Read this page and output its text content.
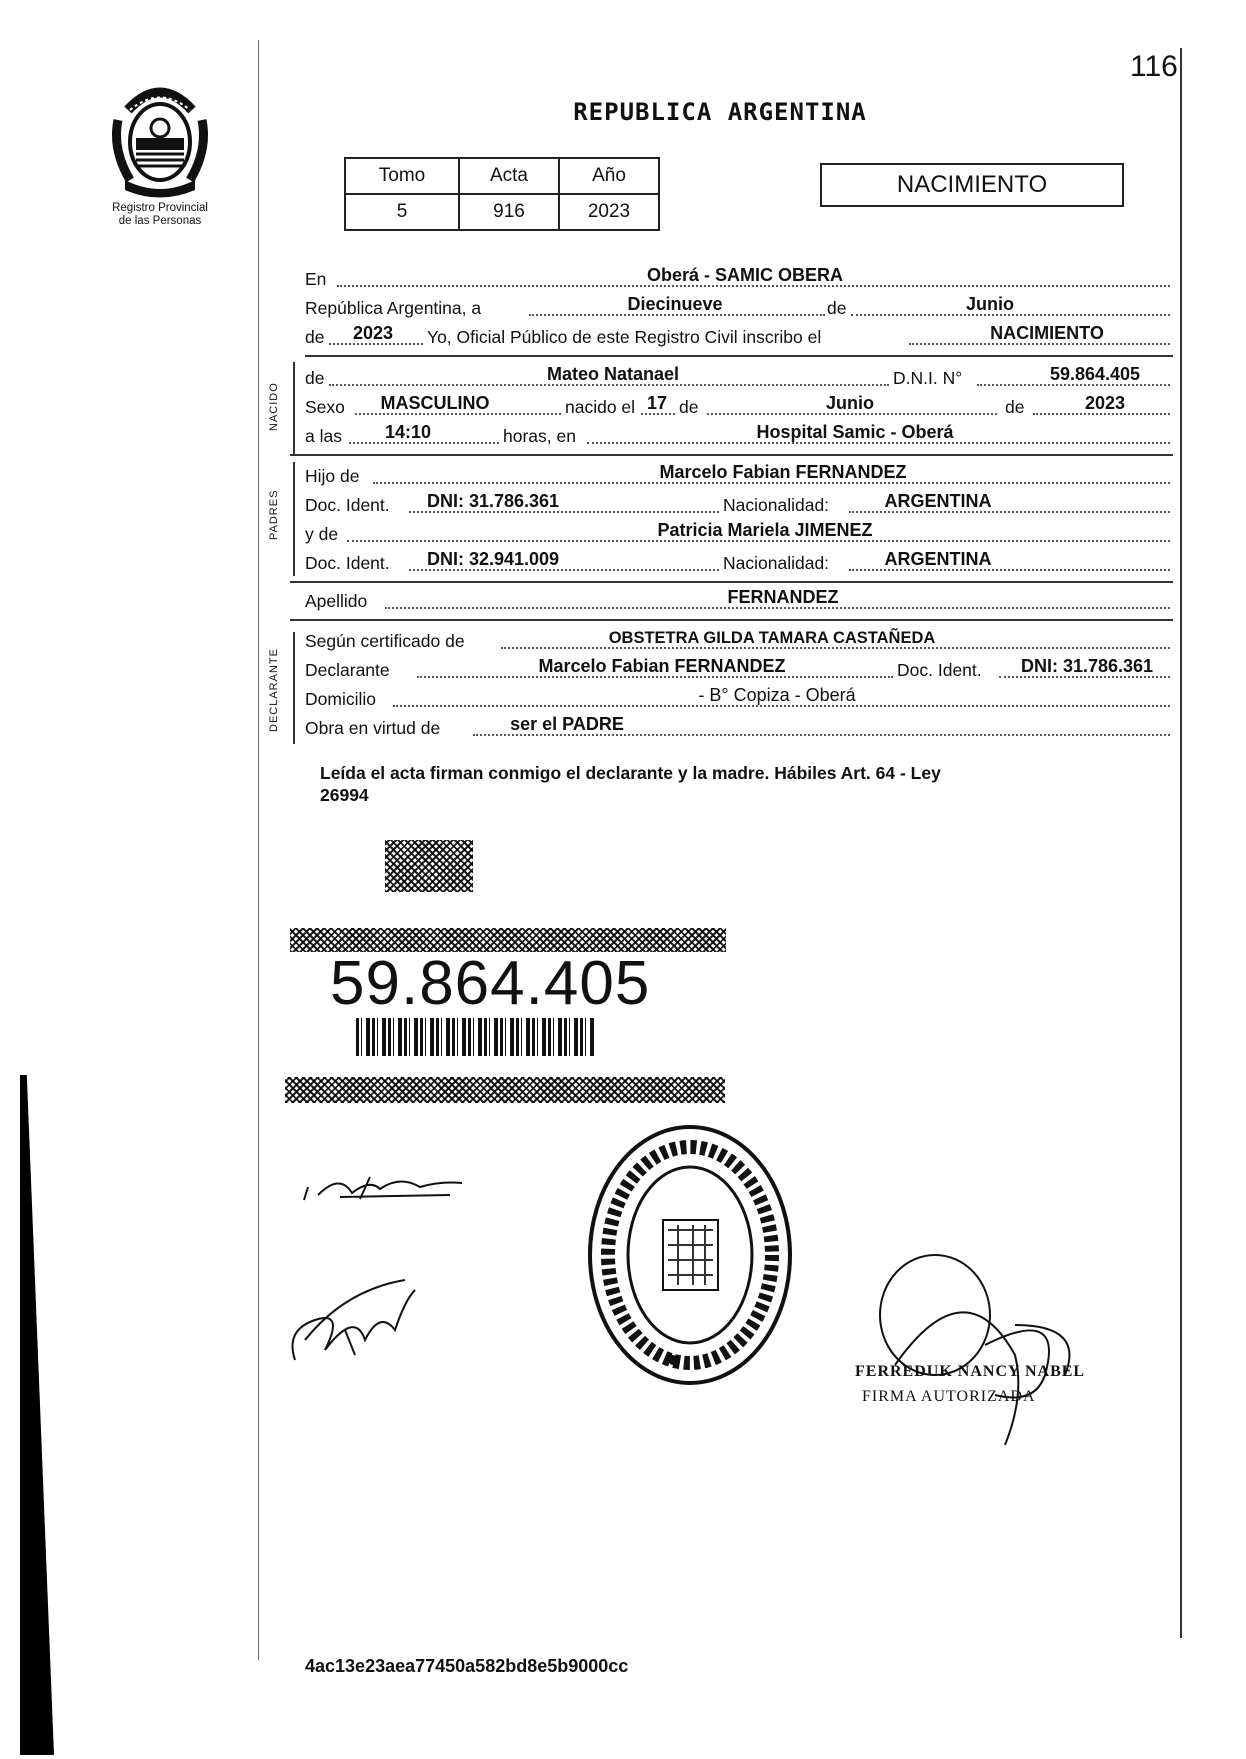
116
Registro Provincial
de las Personas
REPUBLICA ARGENTINA
Tomo	Acta	Año
5	916	2023
NACIMIENTO
En	Oberá - SAMIC OBERA
República Argentina, a	Diecinueve	de	Junio
de 2023 Yo, Oficial Público de este Registro Civil inscribo el	NACIMIENTO
NACIDO
de	Mateo Natanael	D.N.I. N°	59.864.405
Sexo MASCULINO	nacido el 17 de	Junio	de	2023
a las 14:10	horas, en	Hospital Samic - Oberá
PADRES
Hijo de	Marcelo Fabian FERNANDEZ
Doc. Ident. DNI: 31.786.361	Nacionalidad:	ARGENTINA
y de	Patricia Mariela JIMENEZ
Doc. Ident. DNI: 32.941.009	Nacionalidad:	ARGENTINA
Apellido	FERNANDEZ
DECLARANTE
Según certificado de	OBSTETRA GILDA TAMARA CASTAÑEDA
Declarante	Marcelo Fabian FERNANDEZ	Doc. Ident. DNI: 31.786.361
Domicilio	- B° Copiza - Oberá
Obra en virtud de	ser el PADRE
Leída el acta firman conmigo el declarante y la madre. Hábiles Art. 64 - Ley
26994
59.864.405
FERREDUK NANCY NABEL
FIRMA AUTORIZADA
4ac13e23aea77450a582bd8e5b9000cc
